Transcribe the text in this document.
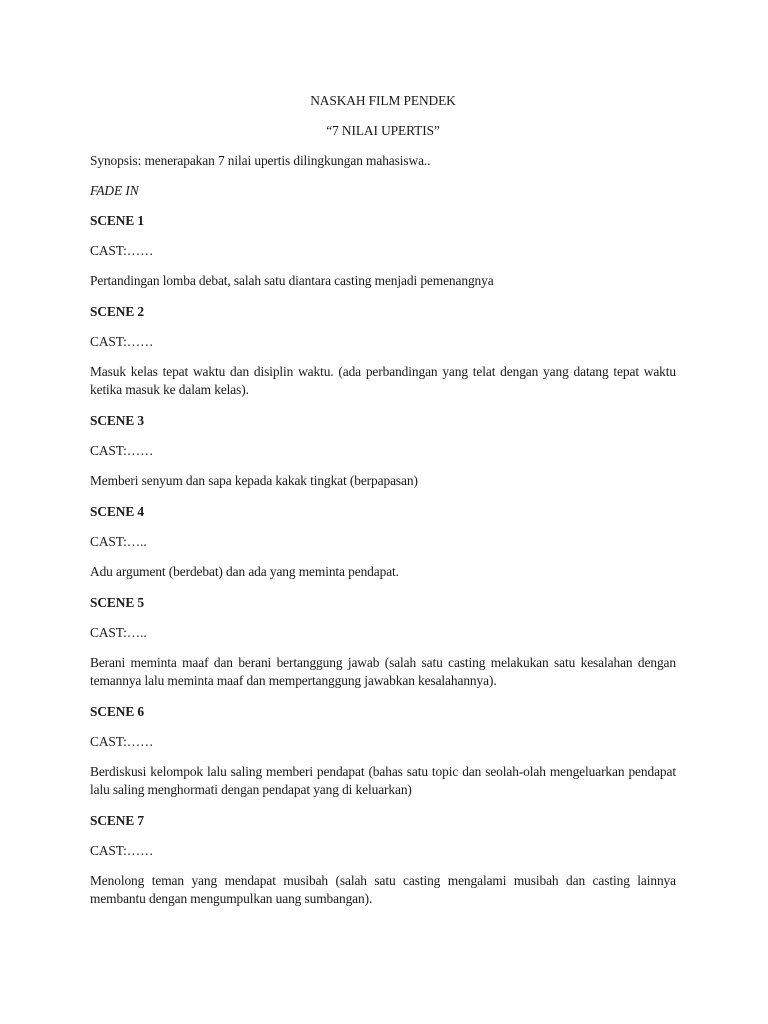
NASKAH FILM PENDEK
“7 NILAI UPERTIS”
Synopsis: menerapakan 7 nilai upertis dilingkungan mahasiswa..
FADE IN
SCENE 1
CAST:……
Pertandingan lomba debat, salah satu diantara casting menjadi pemenangnya
SCENE 2
CAST:……
Masuk kelas tepat waktu dan disiplin waktu. (ada perbandingan yang telat dengan yang datang tepat waktu ketika masuk ke dalam kelas).
SCENE 3
CAST:……
Memberi senyum dan sapa kepada kakak tingkat (berpapasan)
SCENE 4
CAST:…..
Adu argument (berdebat) dan ada yang meminta pendapat.
SCENE 5
CAST:…..
Berani meminta maaf dan berani bertanggung jawab (salah satu casting melakukan satu kesalahan dengan temannya lalu meminta maaf dan mempertanggung jawabkan kesalahannya).
SCENE 6
CAST:……
Berdiskusi kelompok lalu saling memberi pendapat (bahas satu topic dan seolah-olah mengeluarkan pendapat lalu saling menghormati dengan pendapat yang di keluarkan)
SCENE 7
CAST:……
Menolong teman yang mendapat musibah (salah satu casting mengalami musibah dan casting lainnya membantu dengan mengumpulkan uang sumbangan).
